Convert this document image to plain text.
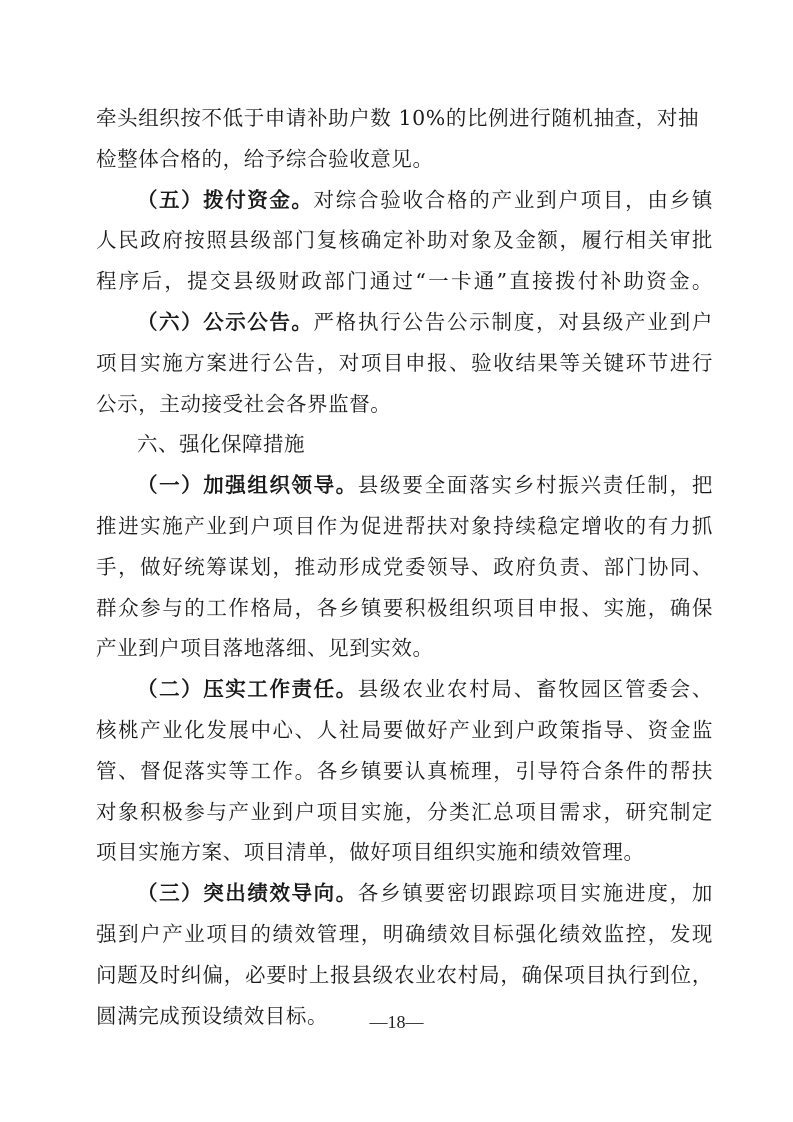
牵头组织按不低于申请补助户数 10%的比例进行随机抽查，对抽
检整体合格的，给予综合验收意见。

（五）拨付资金。对综合验收合格的产业到户项目，由乡镇
人民政府按照县级部门复核确定补助对象及金额，履行相关审批
程序后，提交县级财政部门通过“一卡通”直接拨付补助资金。

（六）公示公告。严格执行公告公示制度，对县级产业到户
项目实施方案进行公告，对项目申报、验收结果等关键环节进行
公示，主动接受社会各界监督。

六、强化保障措施

（一）加强组织领导。县级要全面落实乡村振兴责任制，把
推进实施产业到户项目作为促进帮扶对象持续稳定增收的有力抓
手，做好统筹谋划，推动形成党委领导、政府负责、部门协同、
群众参与的工作格局，各乡镇要积极组织项目申报、实施，确保
产业到户项目落地落细、见到实效。

（二）压实工作责任。县级农业农村局、畜牧园区管委会、
核桃产业化发展中心、人社局要做好产业到户政策指导、资金监
管、督促落实等工作。各乡镇要认真梳理，引导符合条件的帮扶
对象积极参与产业到户项目实施，分类汇总项目需求，研究制定
项目实施方案、项目清单，做好项目组织实施和绩效管理。

（三）突出绩效导向。各乡镇要密切跟踪项目实施进度，加
强到户产业项目的绩效管理，明确绩效目标强化绩效监控，发现
问题及时纠偏，必要时上报县级农业农村局，确保项目执行到位，
圆满完成预设绩效目标。	—18—
